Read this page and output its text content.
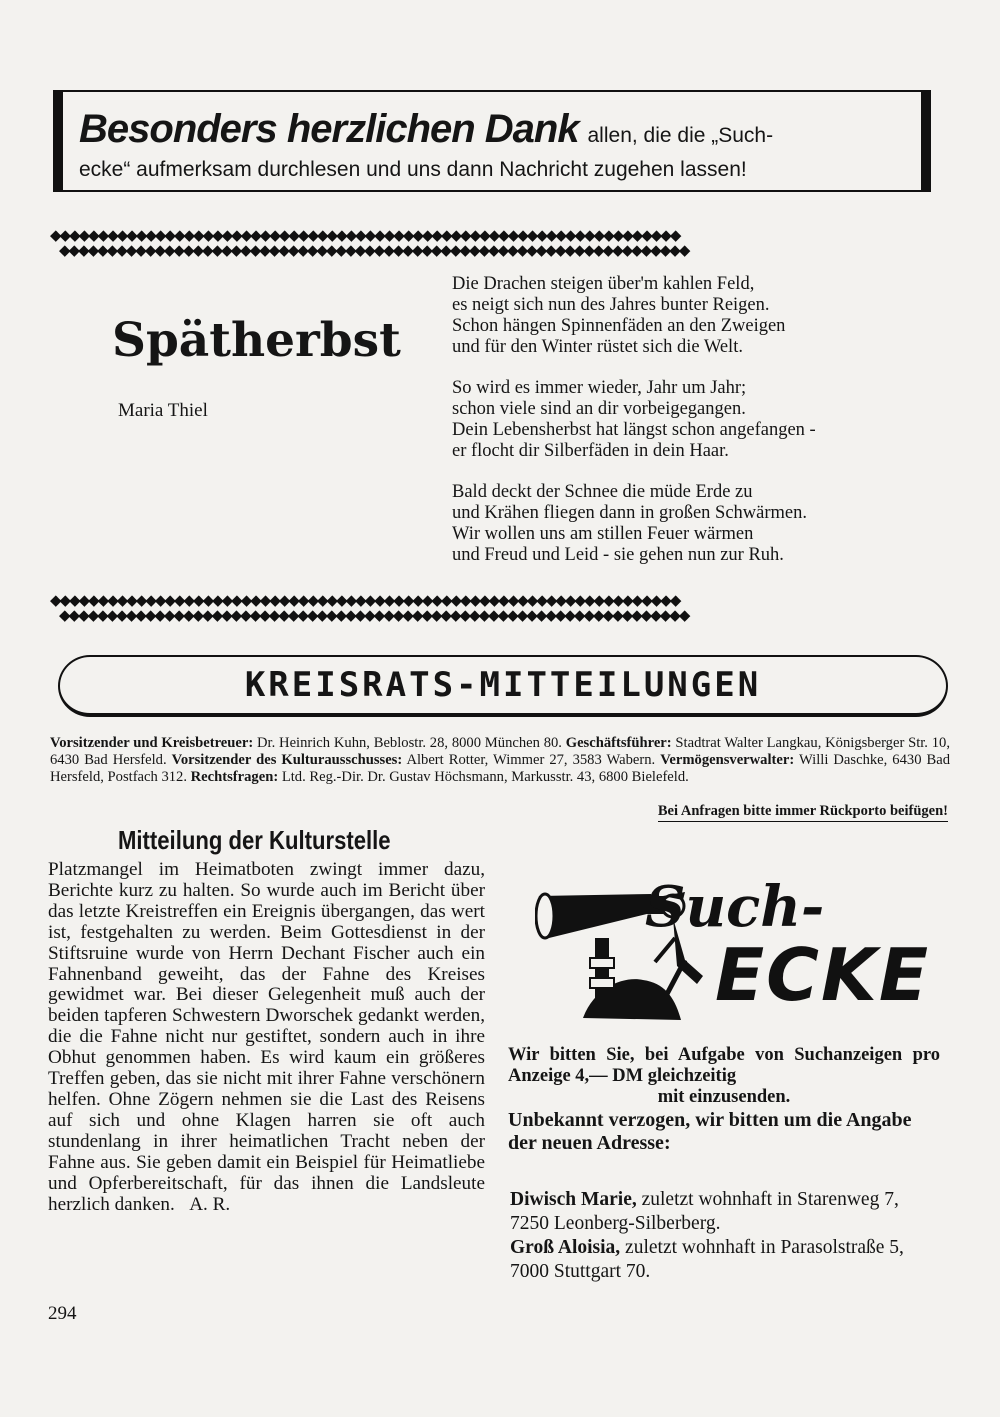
Besonders herzlichen Dank allen, die die „Such-

ecke“ aufmerksam durchlesen und uns dann Nachricht zugehen lassen!

◆◆◆◆◆◆◆◆◆◆◆◆◆◆◆◆◆◆◆◆◆◆◆◆◆◆◆◆◆◆◆◆◆◆◆◆◆◆◆◆◆◆◆◆◆◆◆◆◆◆◆◆◆◆◆◆◆◆◆◆◆◆◆◆◆◆
◆◆◆◆◆◆◆◆◆◆◆◆◆◆◆◆◆◆◆◆◆◆◆◆◆◆◆◆◆◆◆◆◆◆◆◆◆◆◆◆◆◆◆◆◆◆◆◆◆◆◆◆◆◆◆◆◆◆◆◆◆◆◆◆◆◆
Spätherbst
Maria Thiel
Die Drachen steigen über'm kahlen Feld,
es neigt sich nun des Jahres bunter Reigen.
Schon hängen Spinnenfäden an den Zweigen
und für den Winter rüstet sich die Welt.
So wird es immer wieder, Jahr um Jahr;
schon viele sind an dir vorbeigegangen.
Dein Lebensherbst hat längst schon angefangen -
er flocht dir Silberfäden in dein Haar.
Bald deckt der Schnee die müde Erde zu
und Krähen fliegen dann in großen Schwärmen.
Wir wollen uns am stillen Feuer wärmen
und Freud und Leid - sie gehen nun zur Ruh.
◆◆◆◆◆◆◆◆◆◆◆◆◆◆◆◆◆◆◆◆◆◆◆◆◆◆◆◆◆◆◆◆◆◆◆◆◆◆◆◆◆◆◆◆◆◆◆◆◆◆◆◆◆◆◆◆◆◆◆◆◆◆◆◆◆◆
◆◆◆◆◆◆◆◆◆◆◆◆◆◆◆◆◆◆◆◆◆◆◆◆◆◆◆◆◆◆◆◆◆◆◆◆◆◆◆◆◆◆◆◆◆◆◆◆◆◆◆◆◆◆◆◆◆◆◆◆◆◆◆◆◆◆
KREISRATS-MITTEILUNGEN
Vorsitzender und Kreisbetreuer: Dr. Heinrich Kuhn, Beblostr. 28, 8000 München 80. Geschäftsführer: Stadtrat Walter Langkau, Königsberger Str. 10, 6430 Bad Hersfeld. Vorsitzender des Kulturausschusses: Albert Rotter, Wimmer 27, 3583 Wabern. Vermögensverwalter: Willi Daschke, 6430 Bad Hersfeld, Postfach 312. Rechtsfragen: Ltd. Reg.-Dir. Dr. Gustav Höchsmann, Markusstr. 43, 6800 Bielefeld.
Bei Anfragen bitte immer Rückporto beifügen!
Mitteilung der Kulturstelle
Platzmangel im Heimatboten zwingt immer dazu, Berichte kurz zu halten. So wurde auch im Bericht über das letzte Kreistreffen ein Ereignis übergangen, das wert ist, festgehalten zu werden. Beim Gottesdienst in der Stiftsruine wurde von Herrn Dechant Fischer auch ein Fahnenband geweiht, das der Fahne des Kreises gewidmet war. Bei dieser Gelegenheit muß auch der beiden tapferen Schwestern Dworschek gedankt werden, die die Fahne nicht nur gestiftet, sondern auch in ihre Obhut genommen haben. Es wird kaum ein größeres Treffen geben, das sie nicht mit ihrer Fahne verschönern helfen. Ohne Zögern nehmen sie die Last des Reisens auf sich und ohne Klagen harren sie oft auch stundenlang in ihrer heimatlichen Tracht neben der Fahne aus. Sie geben damit ein Beispiel für Heimatliebe und Opferbereitschaft, für das ihnen die Landsleute herzlich danken. A. R.
Such-
ECKE
Wir bitten Sie, bei Aufgabe von Suchanzeigen pro Anzeige 4,— DM gleichzeitig
mit einzusenden.
Unbekannt verzogen, wir bitten um die Angabe der neuen Adresse:
Diwisch Marie, zuletzt wohnhaft in Starenweg 7, 7250 Leonberg-Silberberg.
Groß Aloisia, zuletzt wohnhaft in Parasolstraße 5, 7000 Stuttgart 70.
294
